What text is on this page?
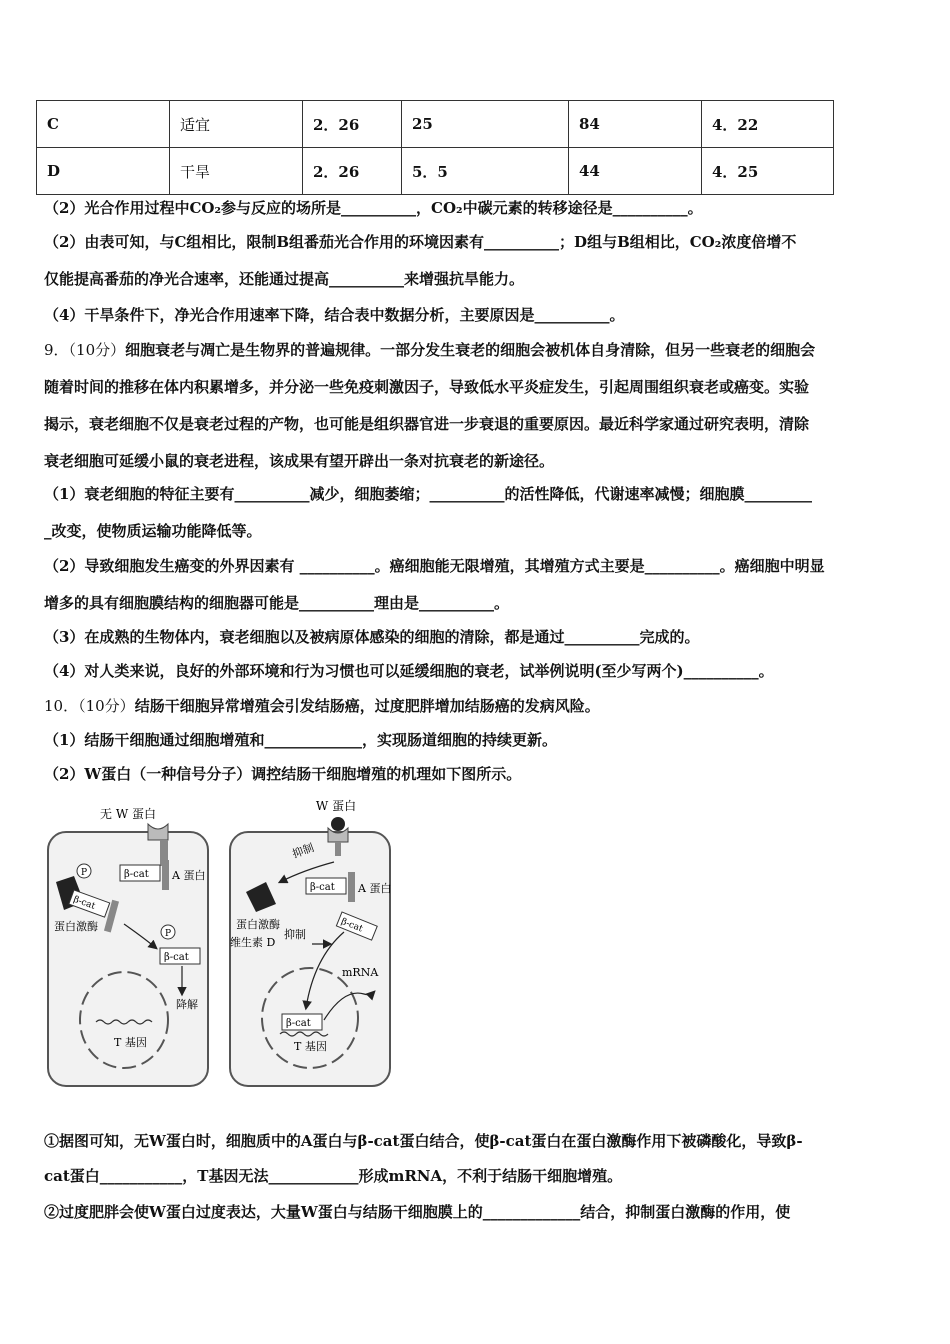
C	适宜	2．26	25	84	4．22
D	干旱	2．26	5．5	44	4．25
（2）光合作用过程中CO₂参与反应的场所是__________，CO₂中碳元素的转移途径是__________。
（2）由表可知，与C组相比，限制B组番茄光合作用的环境因素有__________；D组与B组相比，CO₂浓度倍增不
仅能提高番茄的净光合速率，还能通过提高__________来增强抗旱能力。
（4）干旱条件下，净光合作用速率下降，结合表中数据分析，主要原因是__________。
9．（10分）细胞衰老与凋亡是生物界的普遍规律。一部分发生衰老的细胞会被机体自身清除，但另一些衰老的细胞会
随着时间的推移在体内积累增多，并分泌一些免疫刺激因子，导致低水平炎症发生，引起周围组织衰老或癌变。实验
揭示，衰老细胞不仅是衰老过程的产物，也可能是组织器官进一步衰退的重要原因。最近科学家通过研究表明，清除
衰老细胞可延缓小鼠的衰老进程，该成果有望开辟出一条对抗衰老的新途径。
（1）衰老细胞的特征主要有__________减少，细胞萎缩；__________的活性降低，代谢速率减慢；细胞膜_________
_改变，使物质运输功能降低等。
（2）导致细胞发生癌变的外界因素有 __________。癌细胞能无限增殖，其增殖方式主要是__________。癌细胞中明显
增多的具有细胞膜结构的细胞器可能是__________理由是__________。
（3）在成熟的生物体内，衰老细胞以及被病原体感染的细胞的清除，都是通过__________完成的。
（4）对人类来说，良好的外部环境和行为习惯也可以延缓细胞的衰老，试举例说明(至少写两个)__________。
10．（10分）结肠干细胞异常增殖会引发结肠癌，过度肥胖增加结肠癌的发病风险。
（1）结肠干细胞通过细胞增殖和_____________，实现肠道细胞的持续更新。
（2）W蛋白（一种信号分子）调控结肠干细胞增殖的机理如下图所示。
无 W 蛋白
β-cat A 蛋白
P
β-cat
蛋白激酶
P
β-cat
降解
T 基因
W 蛋白
抑制
蛋白激酶
β-cat A 蛋白
β-cat
维生素 D
抑制
β-cat
T 基因
mRNA
①据图可知，无W蛋白时，细胞质中的A蛋白与β-cat蛋白结合，使β-cat蛋白在蛋白激酶作用下被磷酸化，导致β-
cat蛋白___________，T基因无法____________形成mRNA，不利于结肠干细胞增殖。
②过度肥胖会使W蛋白过度表达，大量W蛋白与结肠干细胞膜上的_____________结合，抑制蛋白激酶的作用，使
